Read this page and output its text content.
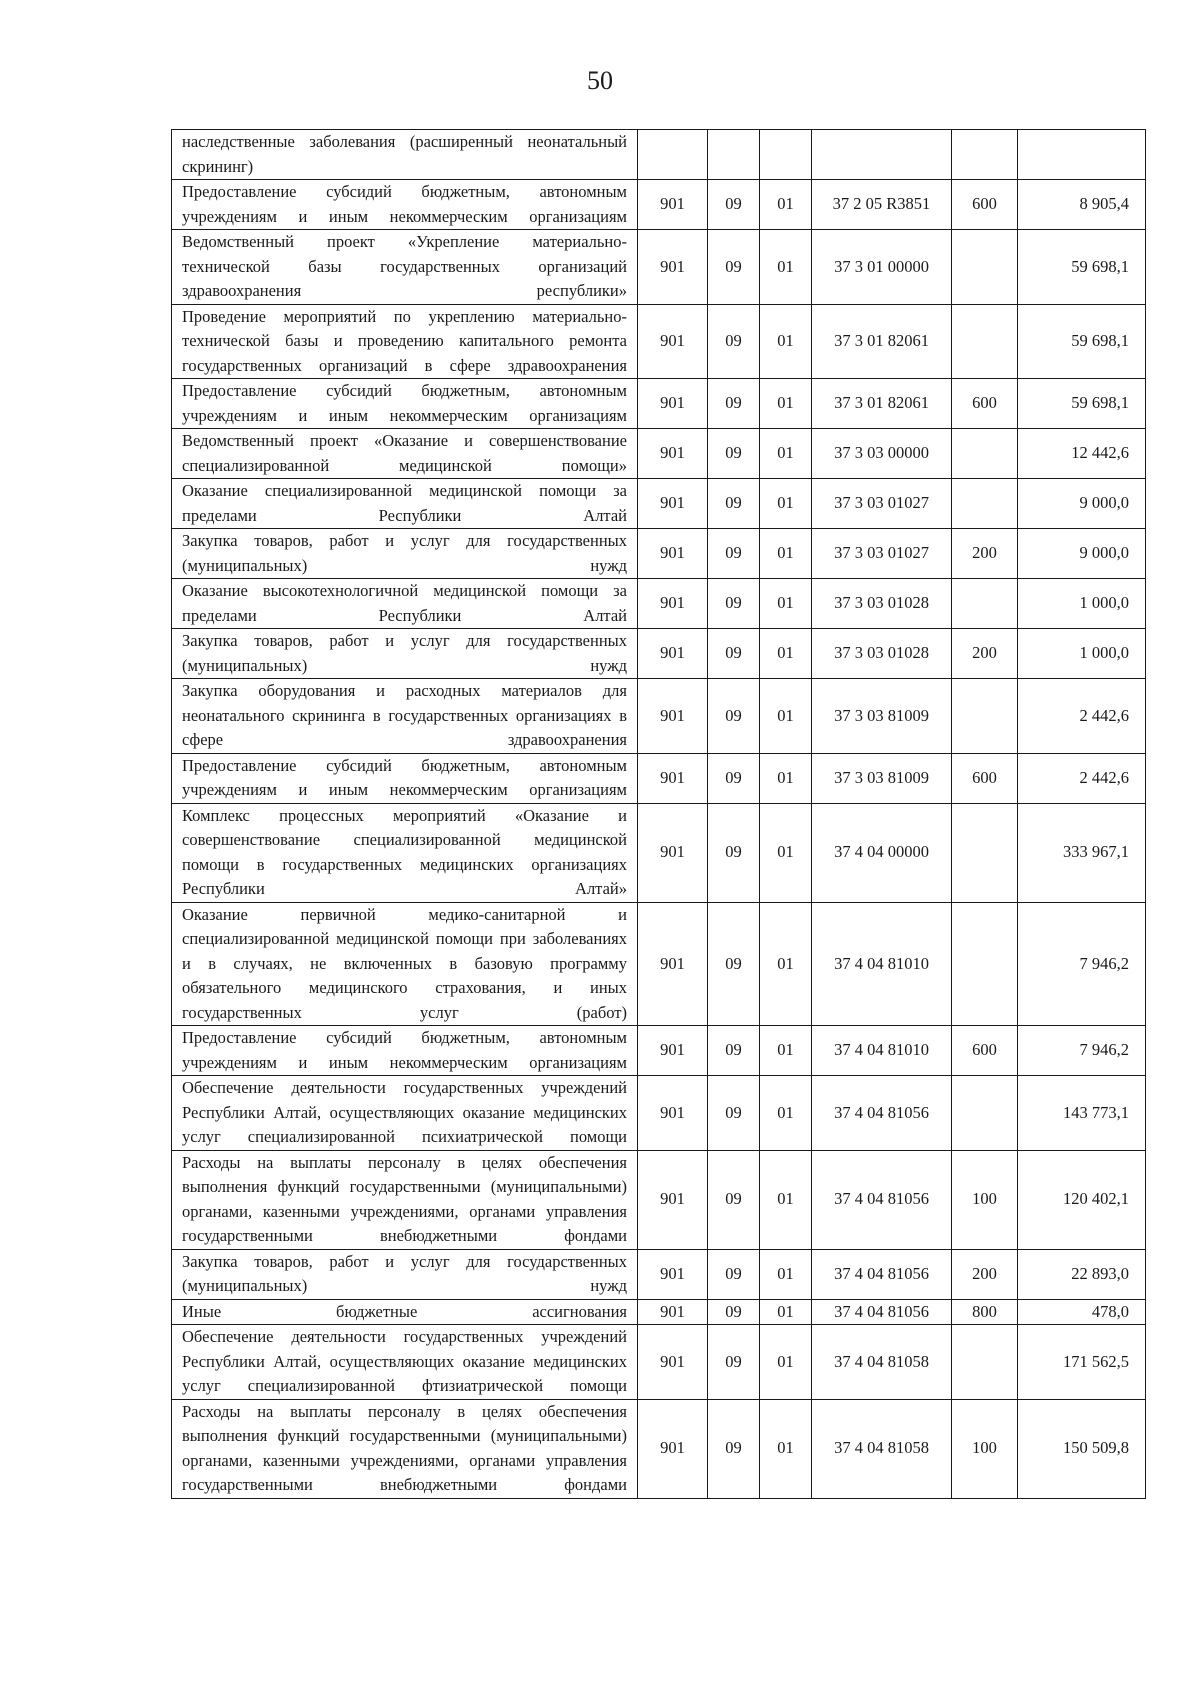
50
наследственные заболевания (расширенный неонатальный скрининг)						
Предоставление субсидий бюджетным, автономным учреждениям и иным некоммерческим организациям	901	09	01	37 2 05 R3851	600	8 905,4
Ведомственный проект «Укрепление материально-технической базы государственных организаций здравоохранения республики»	901	09	01	37 3 01 00000		59 698,1
Проведение мероприятий по укреплению материально-технической базы и проведению капитального ремонта государственных организаций в сфере здравоохранения	901	09	01	37 3 01 82061		59 698,1
Предоставление субсидий бюджетным, автономным учреждениям и иным некоммерческим организациям	901	09	01	37 3 01 82061	600	59 698,1
Ведомственный проект «Оказание и совершенствование специализированной медицинской помощи»	901	09	01	37 3 03 00000		12 442,6
Оказание специализированной медицинской помощи за пределами Республики Алтай	901	09	01	37 3 03 01027		9 000,0
Закупка товаров, работ и услуг для государственных (муниципальных) нужд	901	09	01	37 3 03 01027	200	9 000,0
Оказание высокотехнологичной медицинской помощи за пределами Республики Алтай	901	09	01	37 3 03 01028		1 000,0
Закупка товаров, работ и услуг для государственных (муниципальных) нужд	901	09	01	37 3 03 01028	200	1 000,0
Закупка оборудования и расходных материалов для неонатального скрининга в государственных организациях в сфере здравоохранения	901	09	01	37 3 03 81009		2 442,6
Предоставление субсидий бюджетным, автономным учреждениям и иным некоммерческим организациям	901	09	01	37 3 03 81009	600	2 442,6
Комплекс процессных мероприятий «Оказание и совершенствование специализированной медицинской помощи в государственных медицинских организациях Республики Алтай»	901	09	01	37 4 04 00000		333 967,1
Оказание первичной медико-санитарной и специализированной медицинской помощи при заболеваниях и в случаях, не включенных в базовую программу обязательного медицинского страхования, и иных государственных услуг (работ)	901	09	01	37 4 04 81010		7 946,2
Предоставление субсидий бюджетным, автономным учреждениям и иным некоммерческим организациям	901	09	01	37 4 04 81010	600	7 946,2
Обеспечение деятельности государственных учреждений Республики Алтай, осуществляющих оказание медицинских услуг специализированной психиатрической помощи	901	09	01	37 4 04 81056		143 773,1
Расходы на выплаты персоналу в целях обеспечения выполнения функций государственными (муниципальными) органами, казенными учреждениями, органами управления государственными внебюджетными фондами	901	09	01	37 4 04 81056	100	120 402,1
Закупка товаров, работ и услуг для государственных (муниципальных) нужд	901	09	01	37 4 04 81056	200	22 893,0
Иные бюджетные ассигнования	901	09	01	37 4 04 81056	800	478,0
Обеспечение деятельности государственных учреждений Республики Алтай, осуществляющих оказание медицинских услуг специализированной фтизиатрической помощи	901	09	01	37 4 04 81058		171 562,5
Расходы на выплаты персоналу в целях обеспечения выполнения функций государственными (муниципальными) органами, казенными учреждениями, органами управления государственными внебюджетными фондами	901	09	01	37 4 04 81058	100	150 509,8
